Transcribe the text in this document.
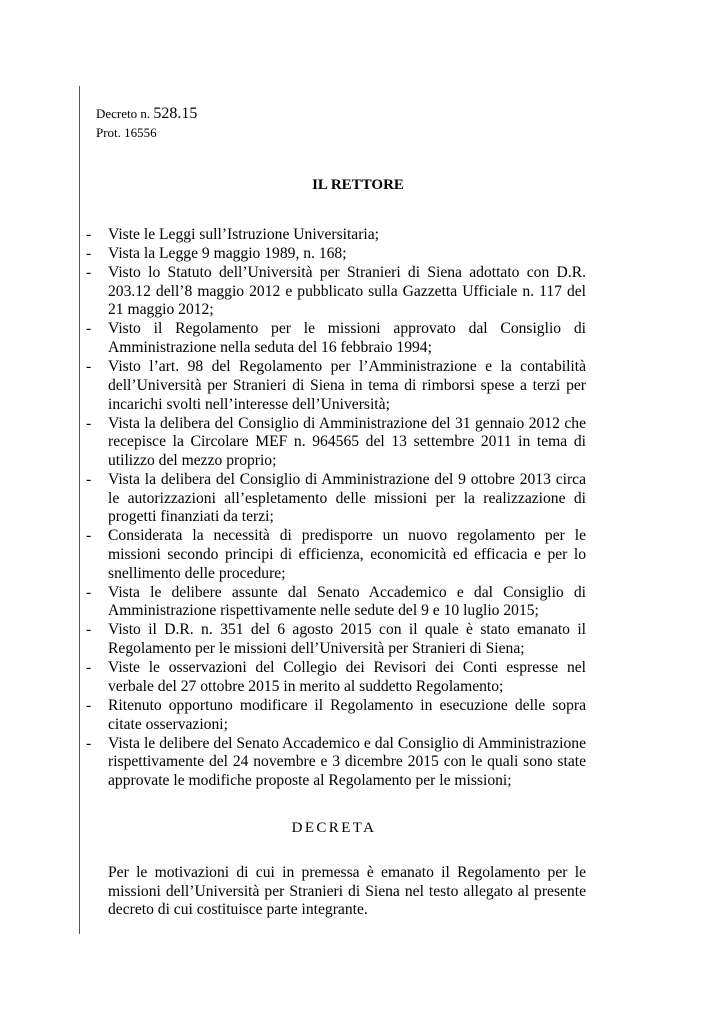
Decreto n. 528.15
Prot. 16556
IL RETTORE
- Viste le Leggi sull’Istruzione Universitaria;
- Vista la Legge 9 maggio 1989, n. 168;
- Visto lo Statuto dell’Università per Stranieri di Siena adottato con D.R. 203.12 dell’8 maggio 2012 e pubblicato sulla Gazzetta Ufficiale n. 117 del 21 maggio 2012;
- Visto il Regolamento per le missioni approvato dal Consiglio di Amministrazione nella seduta del 16 febbraio 1994;
- Visto l’art. 98 del Regolamento per l’Amministrazione e la contabilità dell’Università per Stranieri di Siena in tema di rimborsi spese a terzi per incarichi svolti nell’interesse dell’Università;
- Vista la delibera del Consiglio di Amministrazione del 31 gennaio 2012 che recepisce la Circolare MEF n. 964565 del 13 settembre 2011 in tema di utilizzo del mezzo proprio;
- Vista la delibera del Consiglio di Amministrazione del 9 ottobre 2013 circa le autorizzazioni all’espletamento delle missioni per la realizzazione di progetti finanziati da terzi;
- Considerata la necessità di predisporre un nuovo regolamento per le missioni secondo principi di efficienza, economicità ed efficacia e per lo snellimento delle procedure;
- Vista le delibere assunte dal Senato Accademico e dal Consiglio di Amministrazione rispettivamente nelle sedute del 9 e 10 luglio 2015;
- Visto il D.R. n. 351 del 6 agosto 2015 con il quale è stato emanato il Regolamento per le missioni dell’Università per Stranieri di Siena;
- Viste le osservazioni del Collegio dei Revisori dei Conti espresse nel verbale del 27 ottobre 2015 in merito al suddetto Regolamento;
- Ritenuto opportuno modificare il Regolamento in esecuzione delle sopra citate osservazioni;
- Vista le delibere del Senato Accademico e dal Consiglio di Amministrazione rispettivamente del 24 novembre e 3 dicembre 2015 con le quali sono state approvate le modifiche proposte al Regolamento per le missioni;
DECRETA

Per le motivazioni di cui in premessa è emanato il Regolamento per le missioni dell’Università per Stranieri di Siena nel testo allegato al presente decreto di cui costituisce parte integrante.
